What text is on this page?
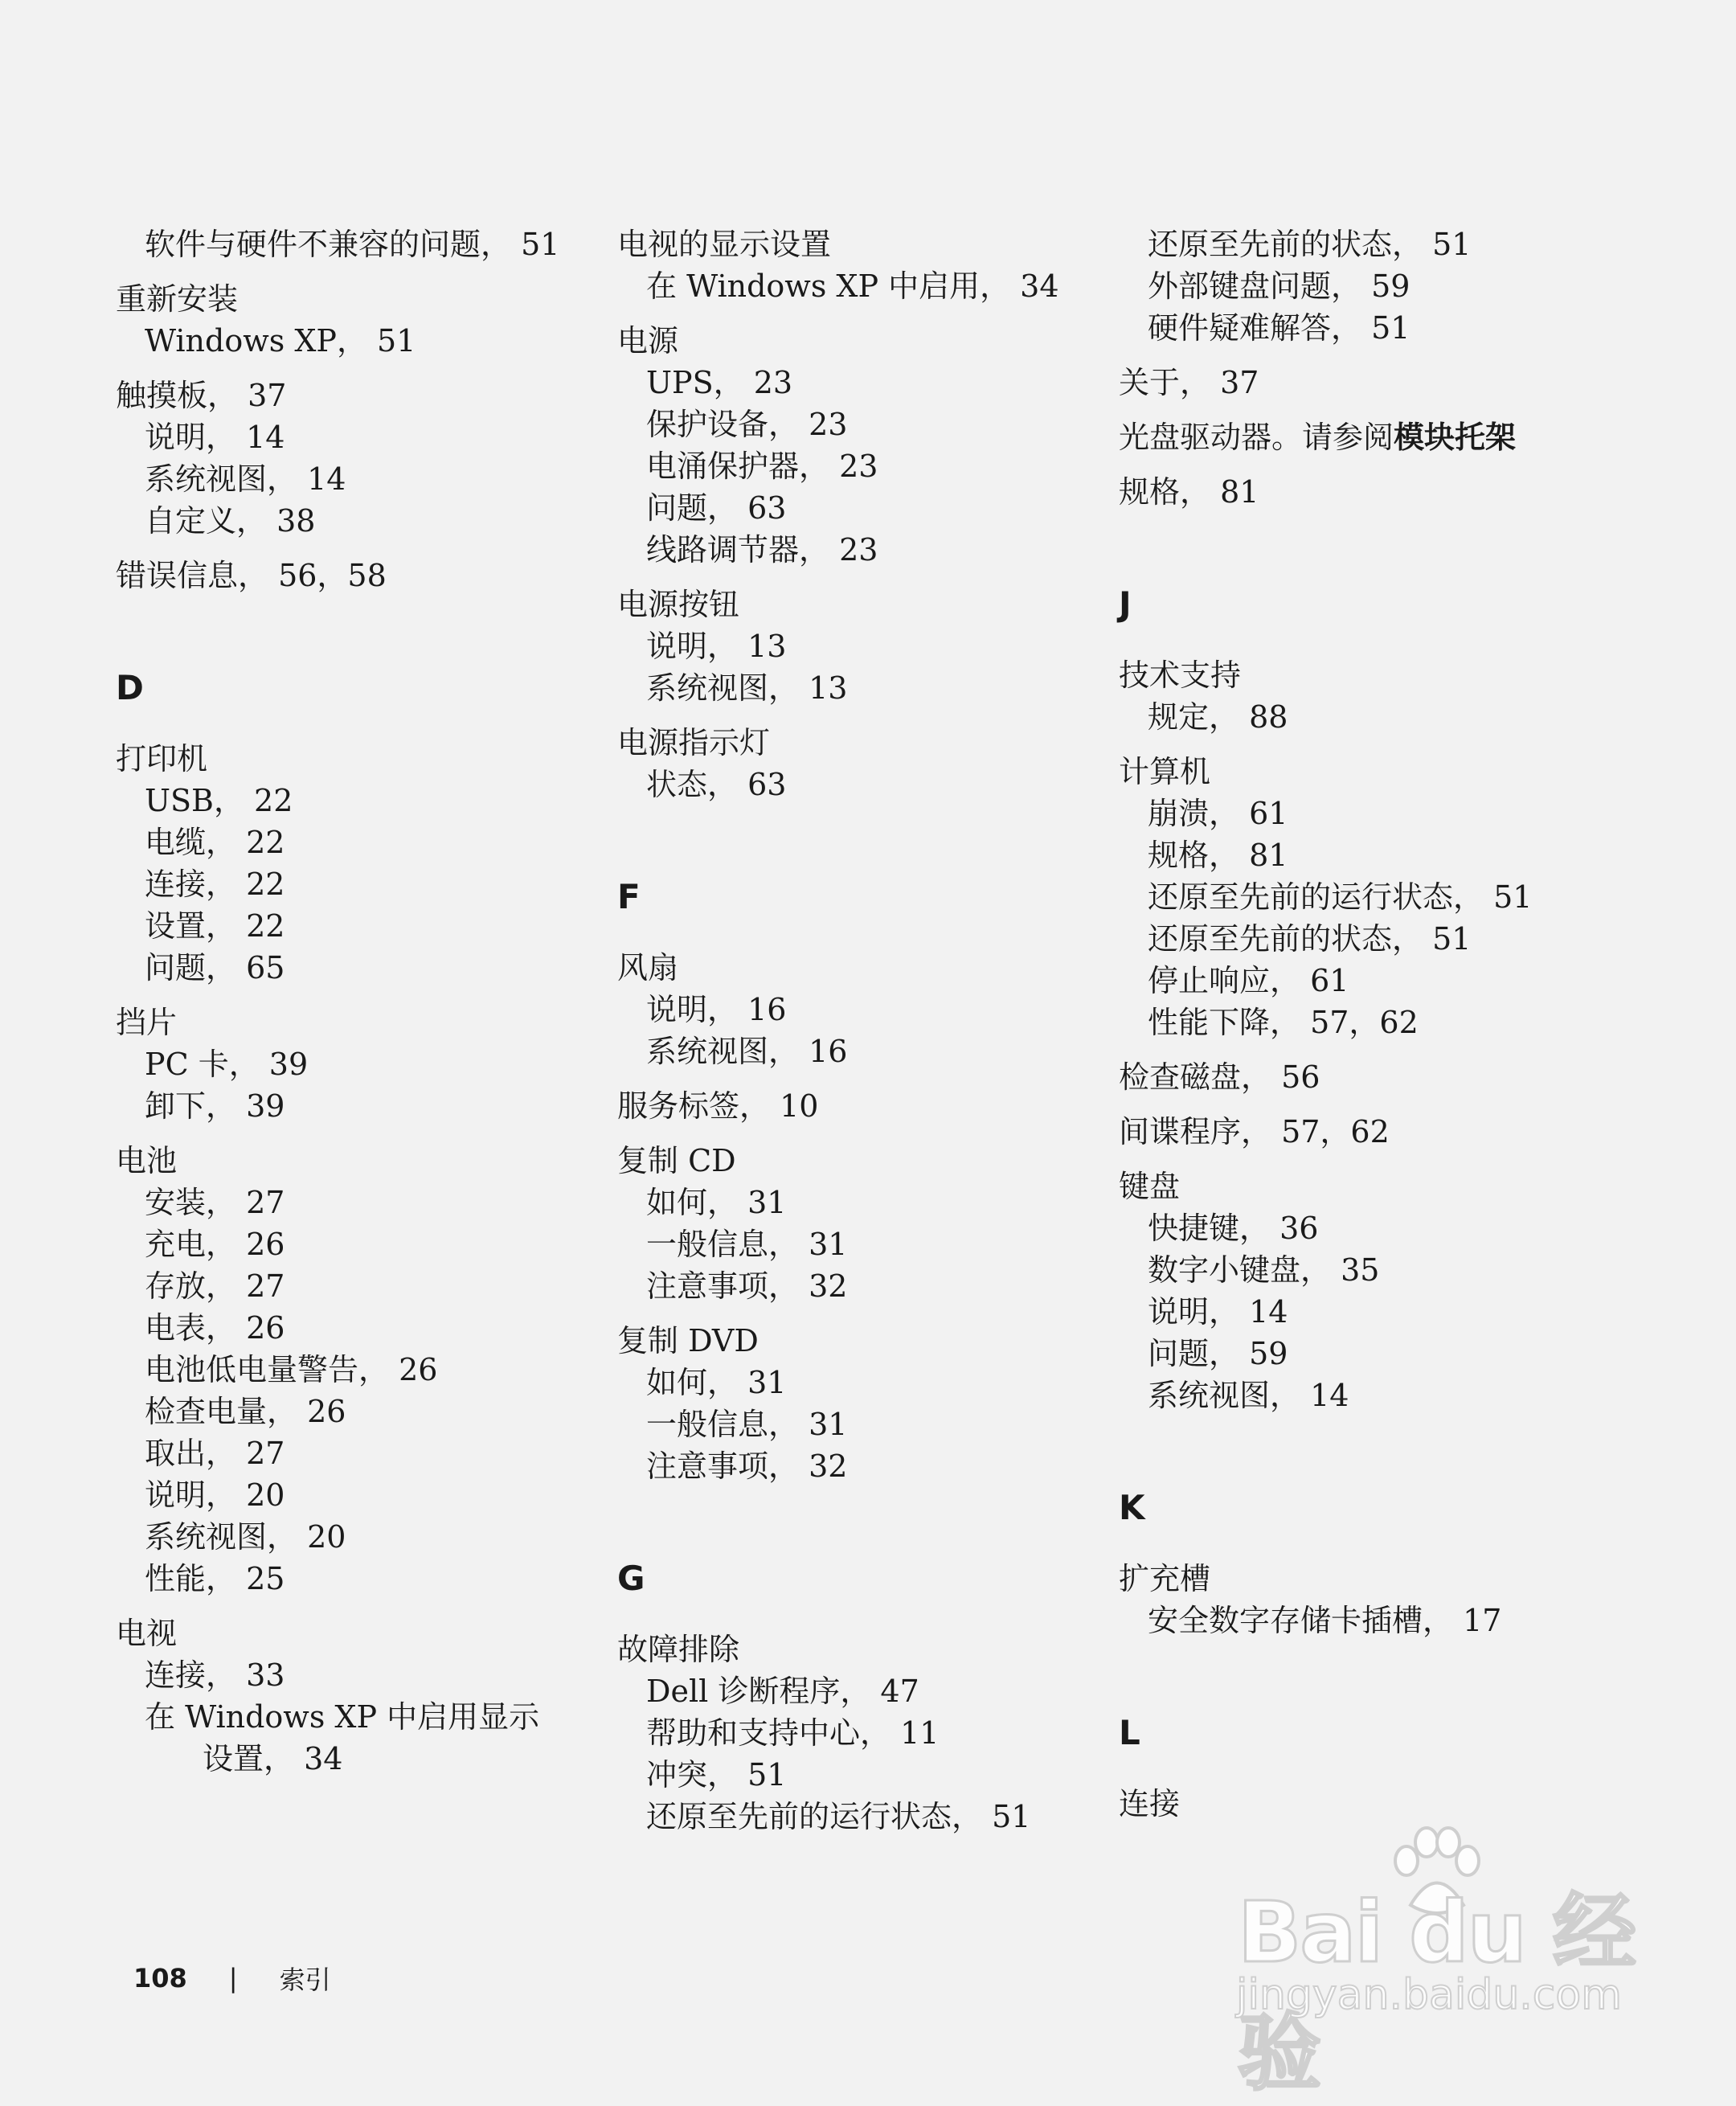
软件与硬件不兼容的问题， 51
重新安装
Windows XP， 51
触摸板， 37
说明， 14
系统视图， 14
自定义， 38
错误信息， 56，58
D
打印机
USB， 22
电缆， 22
连接， 22
设置， 22
问题， 65
挡片
PC 卡， 39
卸下， 39
电池
安装， 27
充电， 26
存放， 27
电表， 26
电池低电量警告， 26
检查电量， 26
取出， 27
说明， 20
系统视图， 20
性能， 25
电视
连接， 33
在 Windows XP 中启用显示设置， 34
电视的显示设置
在 Windows XP 中启用， 34
电源
UPS， 23
保护设备， 23
电涌保护器， 23
问题， 63
线路调节器， 23
电源按钮
说明， 13
系统视图， 13
电源指示灯
状态， 63
F
风扇
说明， 16
系统视图， 16
服务标签， 10
复制 CD
如何， 31
一般信息， 31
注意事项， 32
复制 DVD
如何， 31
一般信息， 31
注意事项， 32
G
故障排除
Dell 诊断程序， 47
帮助和支持中心， 11
冲突， 51
还原至先前的运行状态， 51
还原至先前的状态， 51
外部键盘问题， 59
硬件疑难解答， 51
关于， 37
光盘驱动器。请参阅模块托架
规格， 81
J
技术支持
规定， 88
计算机
崩溃， 61
规格， 81
还原至先前的运行状态， 51
还原至先前的状态， 51
停止响应， 61
性能下降， 57，62
检查磁盘， 56
间谍程序， 57，62
键盘
快捷键， 36
数字小键盘， 35
说明， 14
问题， 59
系统视图， 14
K
扩充槽
安全数字存储卡插槽， 17
L
连接
108 | 索引	Bai du 经验
jingyan.baidu.com
